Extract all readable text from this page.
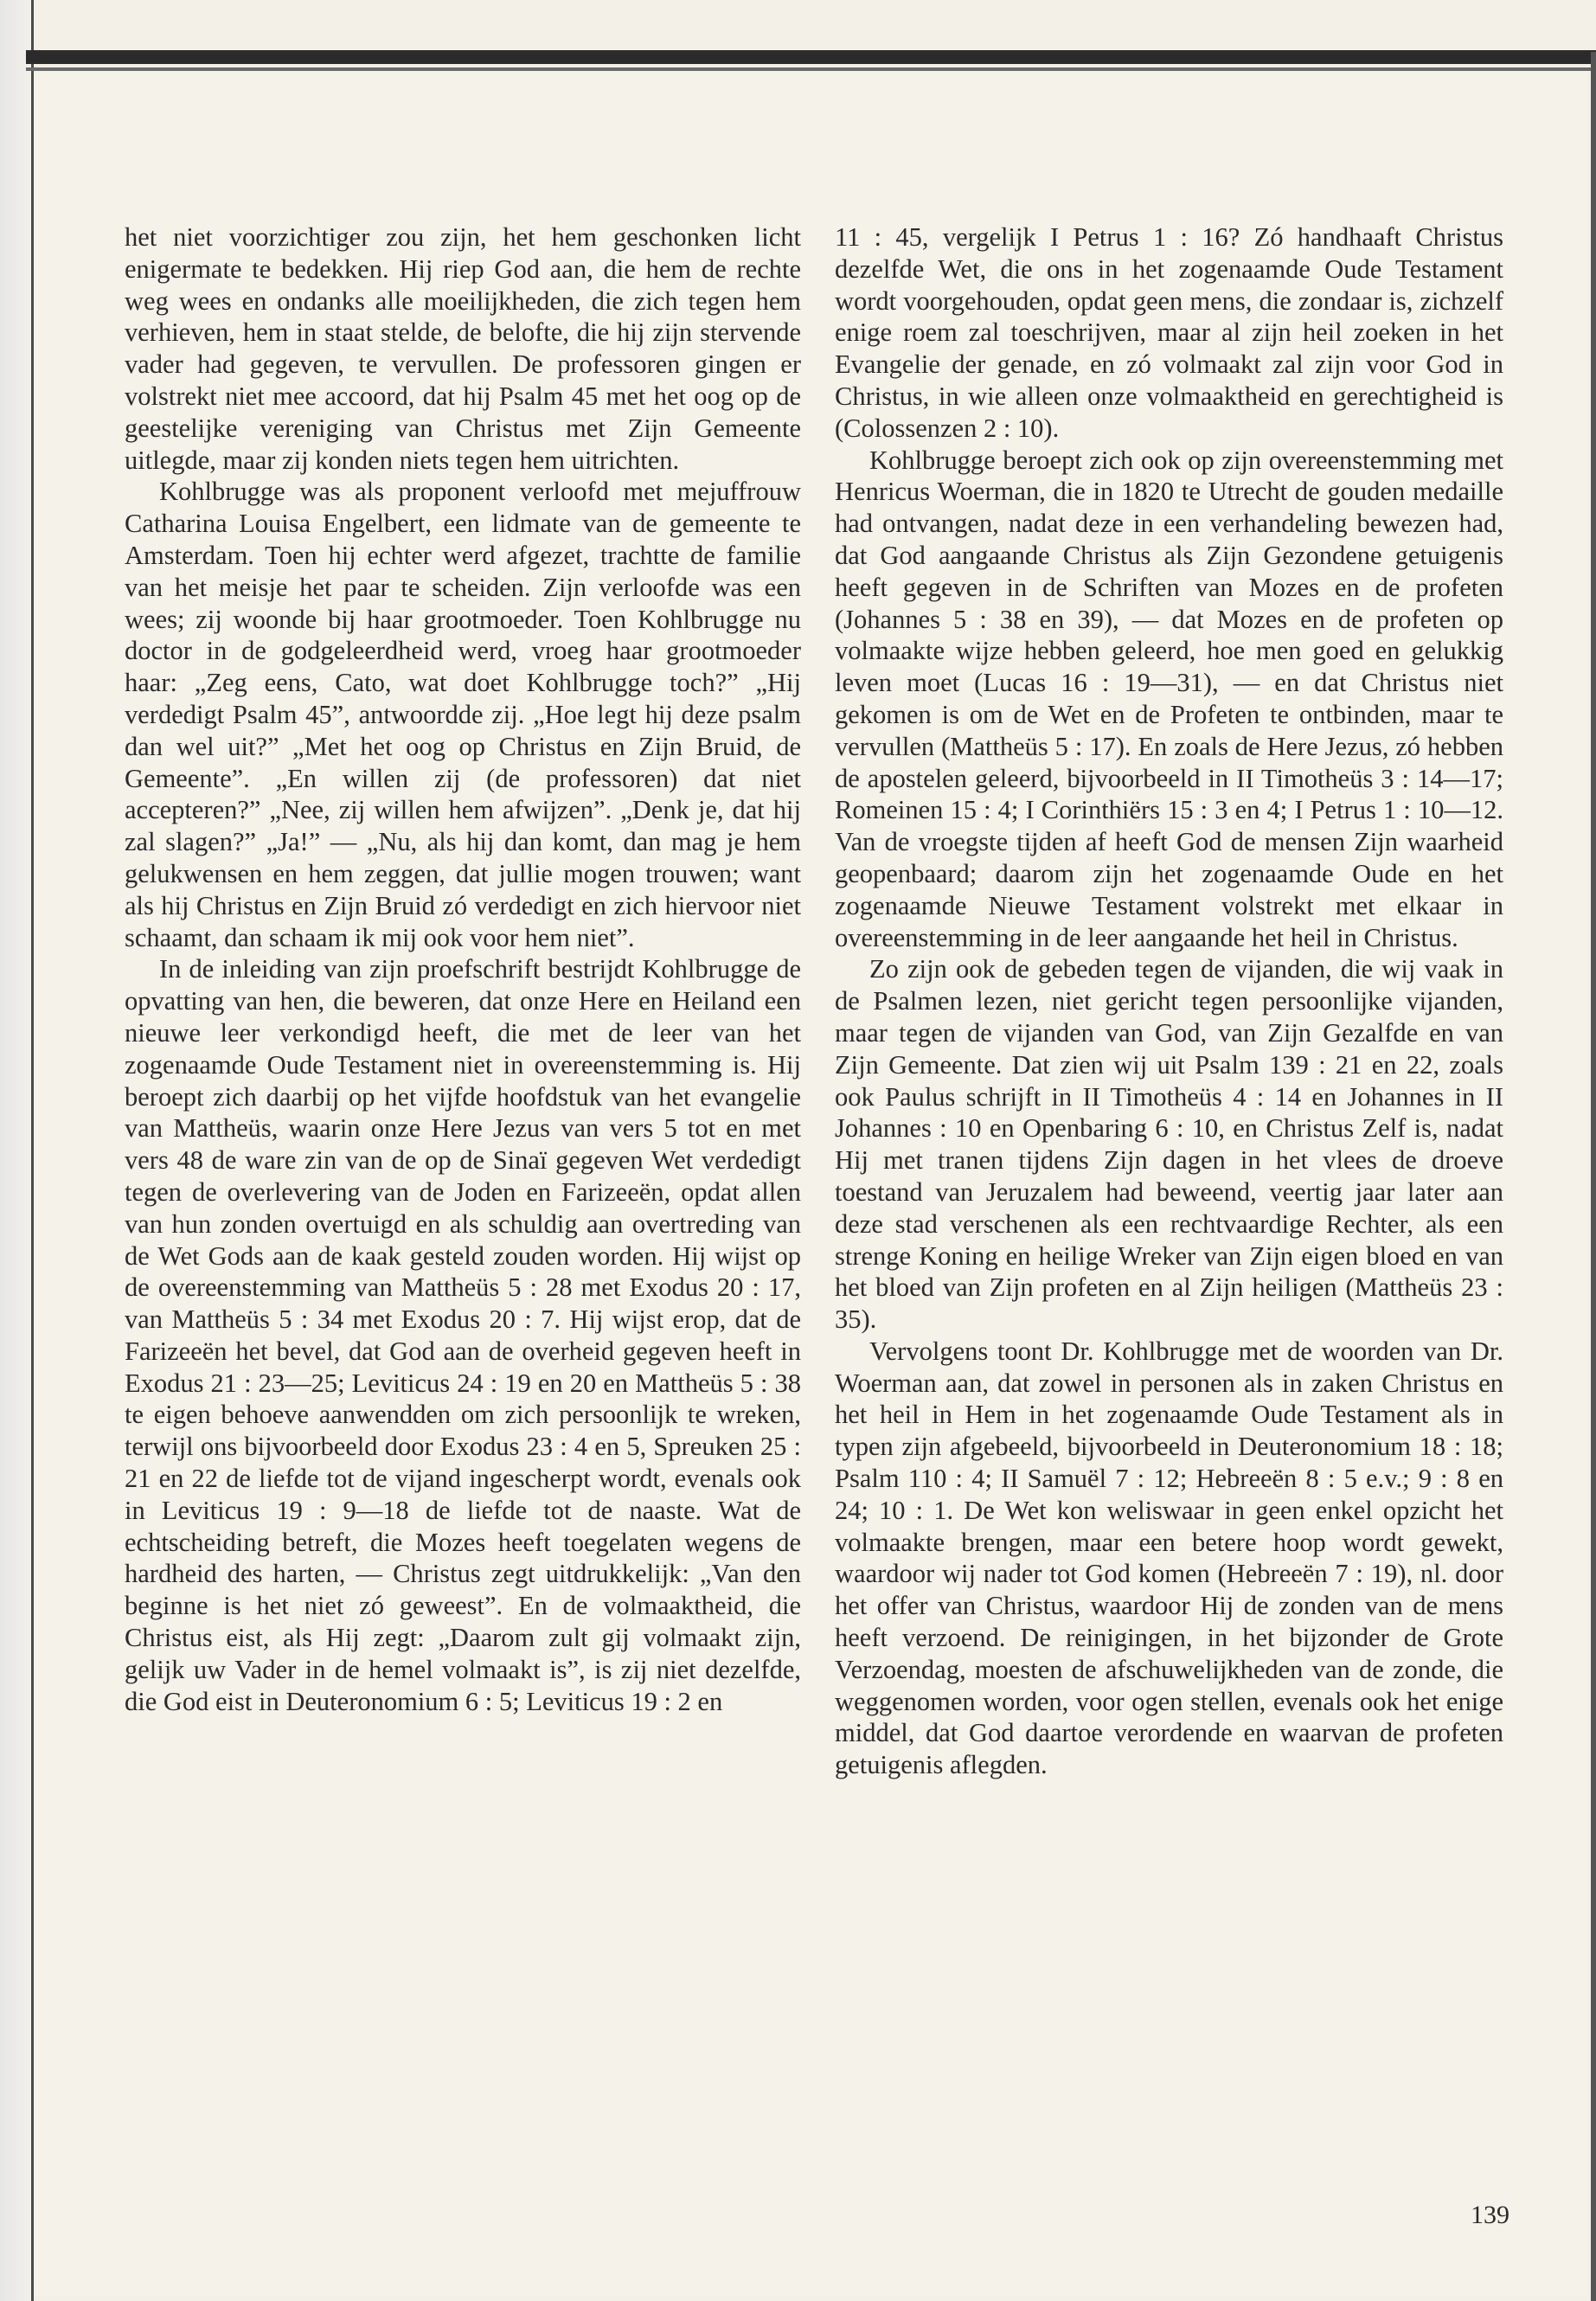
het niet voorzichtiger zou zijn, het hem geschonken licht enigermate te bedekken. Hij riep God aan, die hem de rechte weg wees en ondanks alle moeilijkheden, die zich tegen hem verhieven, hem in staat stelde, de belofte, die hij zijn stervende vader had gegeven, te vervullen. De professoren gingen er volstrekt niet mee accoord, dat hij Psalm 45 met het oog op de geestelijke vereniging van Christus met Zijn Gemeente uitlegde, maar zij konden niets tegen hem uitrichten.

Kohlbrugge was als proponent verloofd met mejuffrouw Catharina Louisa Engelbert, een lidmate van de gemeente te Amsterdam. Toen hij echter werd afgezet, trachtte de familie van het meisje het paar te scheiden. Zijn verloofde was een wees; zij woonde bij haar grootmoeder. Toen Kohlbrugge nu doctor in de godgeleerdheid werd, vroeg haar grootmoeder haar: „Zeg eens, Cato, wat doet Kohlbrugge toch?” „Hij verdedigt Psalm 45”, antwoordde zij. „Hoe legt hij deze psalm dan wel uit?” „Met het oog op Christus en Zijn Bruid, de Gemeente”. „En willen zij (de professoren) dat niet accepteren?” „Nee, zij willen hem afwijzen”. „Denk je, dat hij zal slagen?” „Ja!” — „Nu, als hij dan komt, dan mag je hem gelukwensen en hem zeggen, dat jullie mogen trouwen; want als hij Christus en Zijn Bruid zó verdedigt en zich hiervoor niet schaamt, dan schaam ik mij ook voor hem niet”.

In de inleiding van zijn proefschrift bestrijdt Kohlbrugge de opvatting van hen, die beweren, dat onze Here en Heiland een nieuwe leer verkondigd heeft, die met de leer van het zogenaamde Oude Testament niet in overeenstemming is. Hij beroept zich daarbij op het vijfde hoofdstuk van het evangelie van Mattheüs, waarin onze Here Jezus van vers 5 tot en met vers 48 de ware zin van de op de Sinaï gegeven Wet verdedigt tegen de overlevering van de Joden en Farizeeën, opdat allen van hun zonden overtuigd en als schuldig aan overtreding van de Wet Gods aan de kaak gesteld zouden worden. Hij wijst op de overeenstemming van Mattheüs 5 : 28 met Exodus 20 : 17, van Mattheüs 5 : 34 met Exodus 20 : 7. Hij wijst erop, dat de Farizeeën het bevel, dat God aan de overheid gegeven heeft in Exodus 21 : 23—25; Leviticus 24 : 19 en 20 en Mattheüs 5 : 38 te eigen behoeve aanwendden om zich persoonlijk te wreken, terwijl ons bijvoorbeeld door Exodus 23 : 4 en 5, Spreuken 25 : 21 en 22 de liefde tot de vijand ingescherpt wordt, evenals ook in Leviticus 19 : 9—18 de liefde tot de naaste. Wat de echtscheiding betreft, die Mozes heeft toegelaten wegens de hardheid des harten, — Christus zegt uitdrukkelijk: „Van den beginne is het niet zó geweest”. En de volmaaktheid, die Christus eist, als Hij zegt: „Daarom zult gij volmaakt zijn, gelijk uw Vader in de hemel volmaakt is”, is zij niet dezelfde, die God eist in Deuteronomium 6 : 5; Leviticus 19 : 2 en

11 : 45, vergelijk I Petrus 1 : 16? Zó handhaaft Christus dezelfde Wet, die ons in het zogenaamde Oude Testament wordt voorgehouden, opdat geen mens, die zondaar is, zichzelf enige roem zal toeschrijven, maar al zijn heil zoeken in het Evangelie der genade, en zó volmaakt zal zijn voor God in Christus, in wie alleen onze volmaaktheid en gerechtigheid is (Colossenzen 2 : 10).

Kohlbrugge beroept zich ook op zijn overeenstemming met Henricus Woerman, die in 1820 te Utrecht de gouden medaille had ontvangen, nadat deze in een verhandeling bewezen had, dat God aangaande Christus als Zijn Gezondene getuigenis heeft gegeven in de Schriften van Mozes en de profeten (Johannes 5 : 38 en 39), — dat Mozes en de profeten op volmaakte wijze hebben geleerd, hoe men goed en gelukkig leven moet (Lucas 16 : 19—31), — en dat Christus niet gekomen is om de Wet en de Profeten te ontbinden, maar te vervullen (Mattheüs 5 : 17). En zoals de Here Jezus, zó hebben de apostelen geleerd, bijvoorbeeld in II Timotheüs 3 : 14—17; Romeinen 15 : 4; I Corinthiërs 15 : 3 en 4; I Petrus 1 : 10—12. Van de vroegste tijden af heeft God de mensen Zijn waarheid geopenbaard; daarom zijn het zogenaamde Oude en het zogenaamde Nieuwe Testament volstrekt met elkaar in overeenstemming in de leer aangaande het heil in Christus.

Zo zijn ook de gebeden tegen de vijanden, die wij vaak in de Psalmen lezen, niet gericht tegen persoonlijke vijanden, maar tegen de vijanden van God, van Zijn Gezalfde en van Zijn Gemeente. Dat zien wij uit Psalm 139 : 21 en 22, zoals ook Paulus schrijft in II Timotheüs 4 : 14 en Johannes in II Johannes : 10 en Openbaring 6 : 10, en Christus Zelf is, nadat Hij met tranen tijdens Zijn dagen in het vlees de droeve toestand van Jeruzalem had beweend, veertig jaar later aan deze stad verschenen als een rechtvaardige Rechter, als een strenge Koning en heilige Wreker van Zijn eigen bloed en van het bloed van Zijn profeten en al Zijn heiligen (Mattheüs 23 : 35).

Vervolgens toont Dr. Kohlbrugge met de woorden van Dr. Woerman aan, dat zowel in personen als in zaken Christus en het heil in Hem in het zogenaamde Oude Testament als in typen zijn afgebeeld, bijvoorbeeld in Deuteronomium 18 : 18; Psalm 110 : 4; II Samuël 7 : 12; Hebreeën 8 : 5 e.v.; 9 : 8 en 24; 10 : 1. De Wet kon weliswaar in geen enkel opzicht het volmaakte brengen, maar een betere hoop wordt gewekt, waardoor wij nader tot God komen (Hebreeën 7 : 19), nl. door het offer van Christus, waardoor Hij de zonden van de mens heeft verzoend. De reinigingen, in het bijzonder de Grote Verzoendag, moesten de afschuwelijkheden van de zonde, die weggenomen worden, voor ogen stellen, evenals ook het enige middel, dat God daartoe verordende en waarvan de profeten getuigenis aflegden.

139
